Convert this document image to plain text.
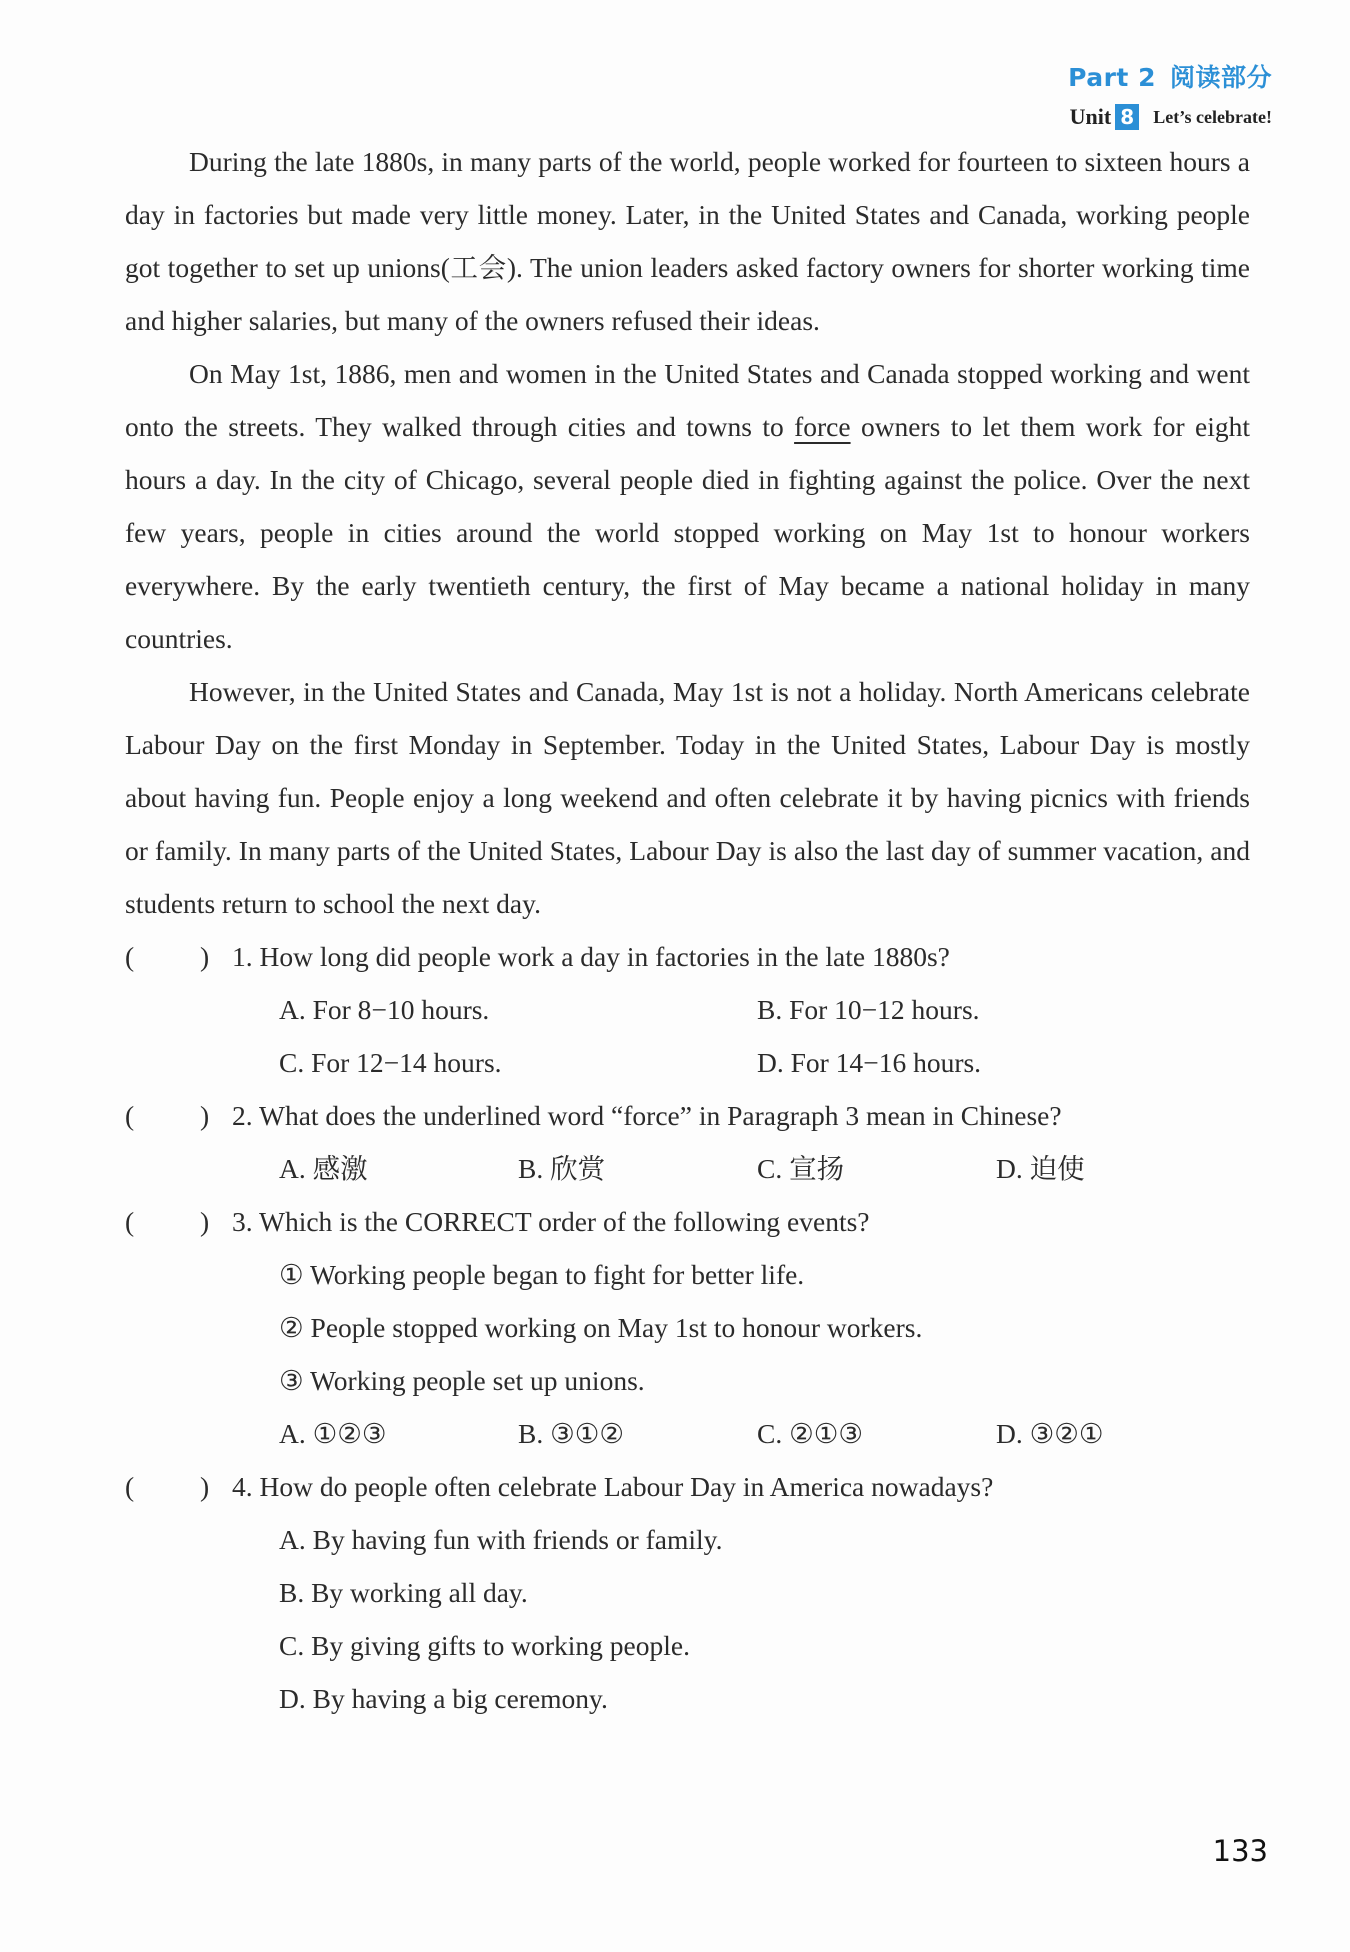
Part 2 阅读部分
Unit 8 Let’s celebrate!

During the late 1880s, in many parts of the world, people worked for fourteen to sixteen hours a day in factories but made very little money. Later, in the United States and Canada, working people got together to set up unions(工会). The union leaders asked factory owners for shorter working time and higher salaries, but many of the owners refused their ideas.

On May 1st, 1886, men and women in the United States and Canada stopped working and went onto the streets. They walked through cities and towns to force owners to let them work for eight hours a day. In the city of Chicago, several people died in fighting against the police. Over the next few years, people in cities around the world stopped working on May 1st to honour workers everywhere. By the early twentieth century, the first of May became a national holiday in many countries.

However, in the United States and Canada, May 1st is not a holiday. North Americans celebrate Labour Day on the first Monday in September. Today in the United States, Labour Day is mostly about having fun. People enjoy a long weekend and often celebrate it by having picnics with friends or family. In many parts of the United States, Labour Day is also the last day of summer vacation, and students return to school the next day.

(	) 1. How long did people work a day in factories in the late 1880s?
A. For 8−10 hours.	B. For 10−12 hours.
C. For 12−14 hours.	D. For 14−16 hours.
(	) 2. What does the underlined word “force” in Paragraph 3 mean in Chinese?
A. 感激	B. 欣赏	C. 宣扬	D. 迫使
(	) 3. Which is the CORRECT order of the following events?
① Working people began to fight for better life.
② People stopped working on May 1st to honour workers.
③ Working people set up unions.
A. ①②③	B. ③①②	C. ②①③	D. ③②①
(	) 4. How do people often celebrate Labour Day in America nowadays?
A. By having fun with friends or family.
B. By working all day.
C. By giving gifts to working people.
D. By having a big ceremony.
133
